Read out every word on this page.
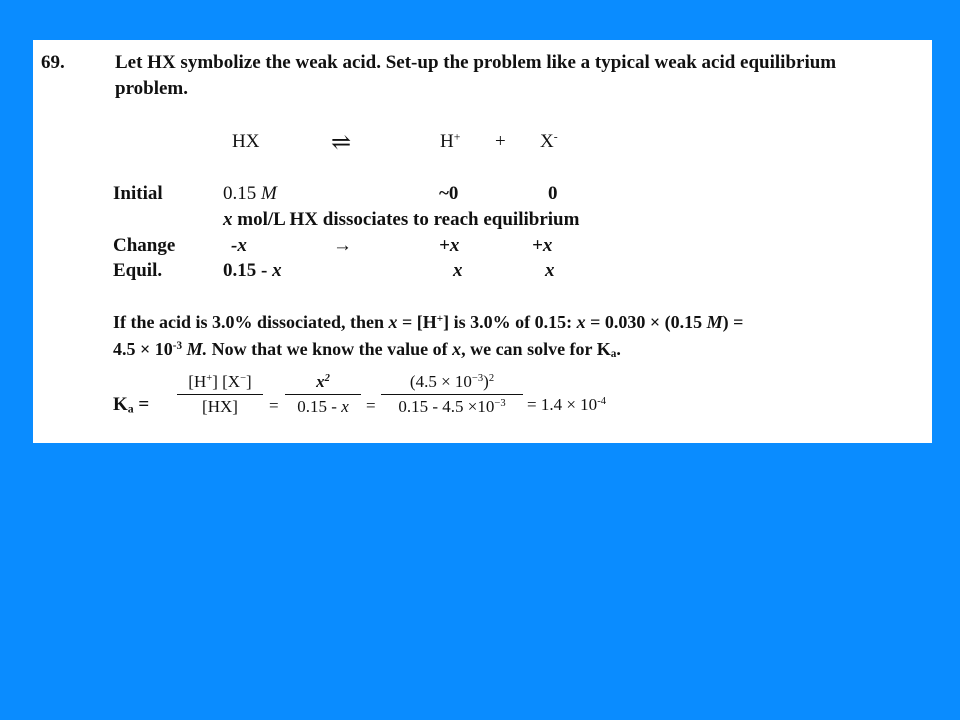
69.	Let HX symbolize the weak acid. Set-up the problem like a typical weak acid equilibrium
problem.
HX	⇌	H+ + X-
Initial	0.15 M	~0	0
x mol/L HX dissociates to reach equilibrium
Change	-x	→	+x	+x
Equil.	0.15 - x	x	x
If the acid is 3.0% dissociated, then x = [H+] is 3.0% of 0.15: x = 0.030 × (0.15 M) =
$4.5 \times 10^{-3}$ M. Now that we know the value of x, we can solve for $K_a$.
$K_a$ =
[H+] [X−]
[HX]	=
$x^2$
0.15 - x	=
$(4.5 \times 10^{-3})^2$
$0.15 - 4.5 \times 10^{-3}$	= $1.4 \times 10^{-4}$
